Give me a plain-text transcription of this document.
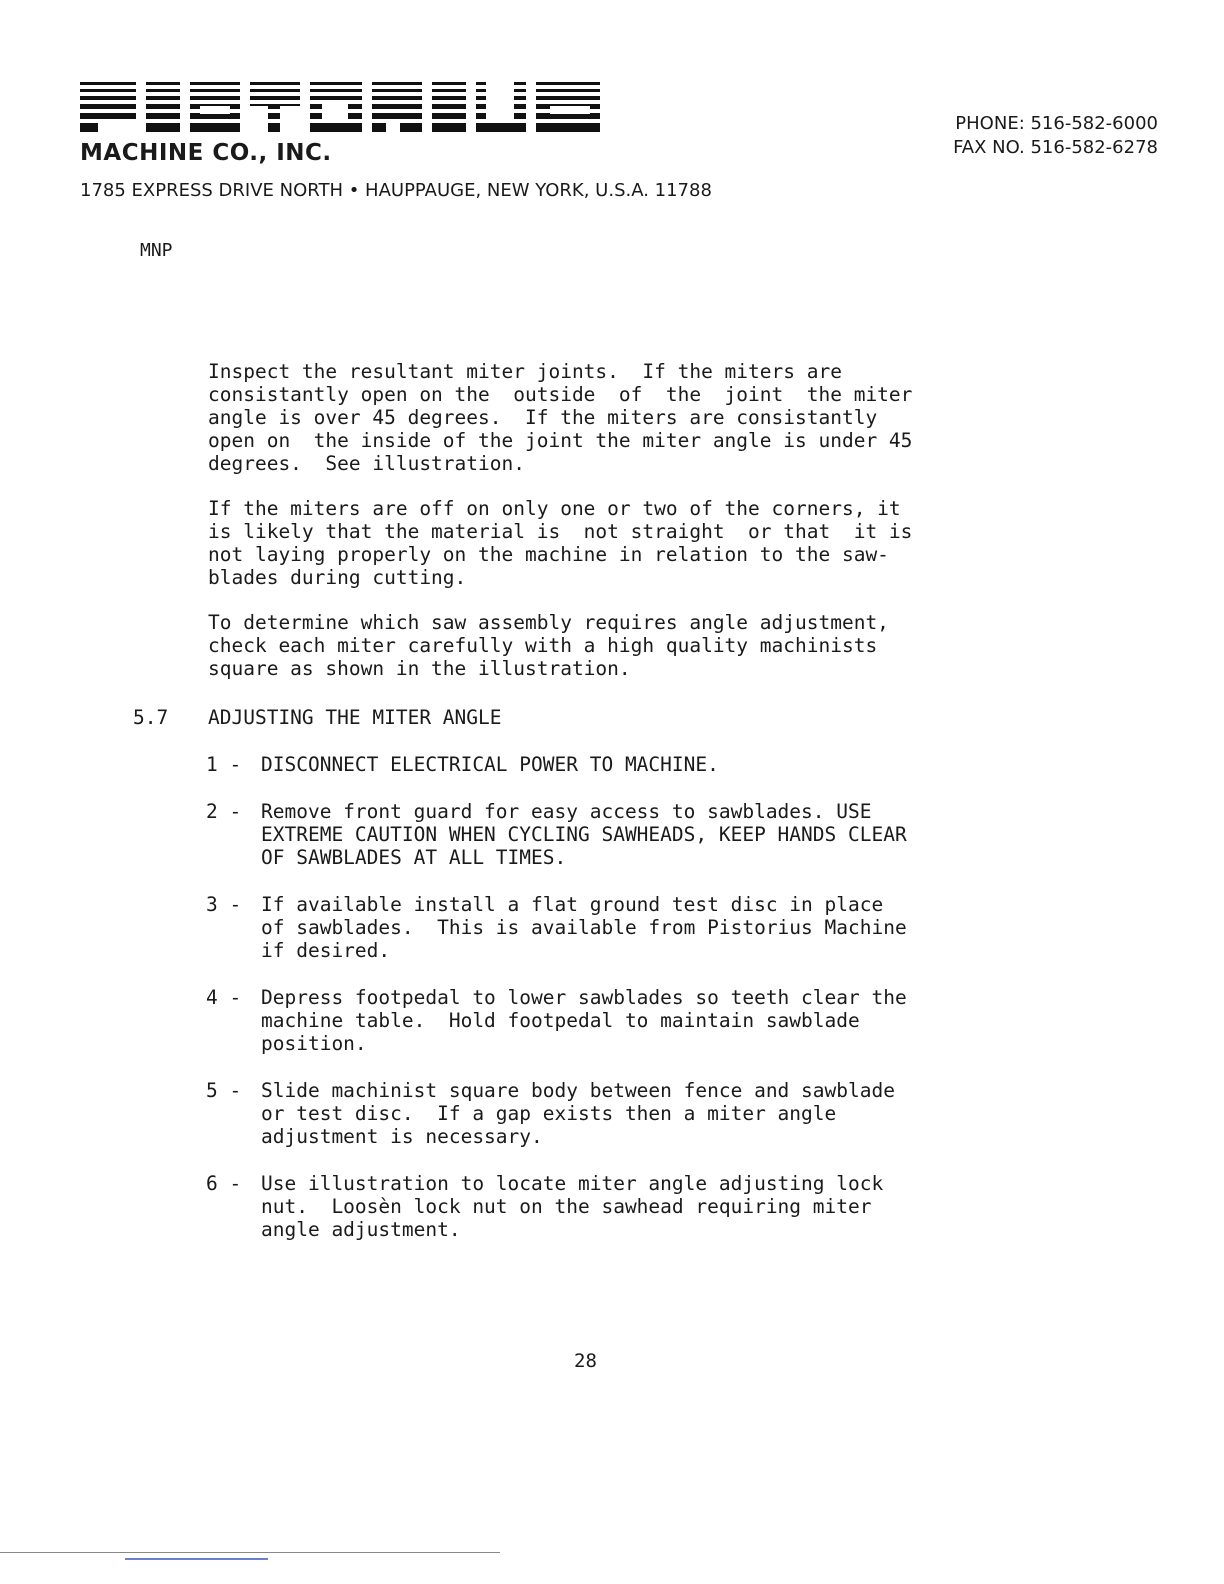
MACHINE CO., INC.
PHONE: 516-582-6000
FAX NO. 516-582-6278
1785 EXPRESS DRIVE NORTH • HAUPPAUGE, NEW YORK, U.S.A. 11788
MNP
Inspect the resultant miter joints.  If the miters are
consistantly open on the  outside  of  the  joint  the miter
angle is over 45 degrees.  If the miters are consistantly
open on  the inside of the joint the miter angle is under 45
degrees.  See illustration.
If the miters are off on only one or two of the corners, it
is likely that the material is  not straight  or that  it is
not laying properly on the machine in relation to the saw-
blades during cutting.
To determine which saw assembly requires angle adjustment,
check each miter carefully with a high quality machinists
square as shown in the illustration.
5.7	ADJUSTING THE MITER ANGLE
1 -	DISCONNECT ELECTRICAL POWER TO MACHINE.
2 -	Remove front guard for easy access to sawblades. USE
EXTREME CAUTION WHEN CYCLING SAWHEADS, KEEP HANDS CLEAR
OF SAWBLADES AT ALL TIMES.
3 -	If available install a flat ground test disc in place
of sawblades.  This is available from Pistorius Machine
if desired.
4 -	Depress footpedal to lower sawblades so teeth clear the
machine table.  Hold footpedal to maintain sawblade
position.
5 -	Slide machinist square body between fence and sawblade
or test disc.  If a gap exists then a miter angle
adjustment is necessary.
6 -	Use illustration to locate miter angle adjusting lock
nut.  Loosèn lock nut on the sawhead requiring miter
angle adjustment.
28
